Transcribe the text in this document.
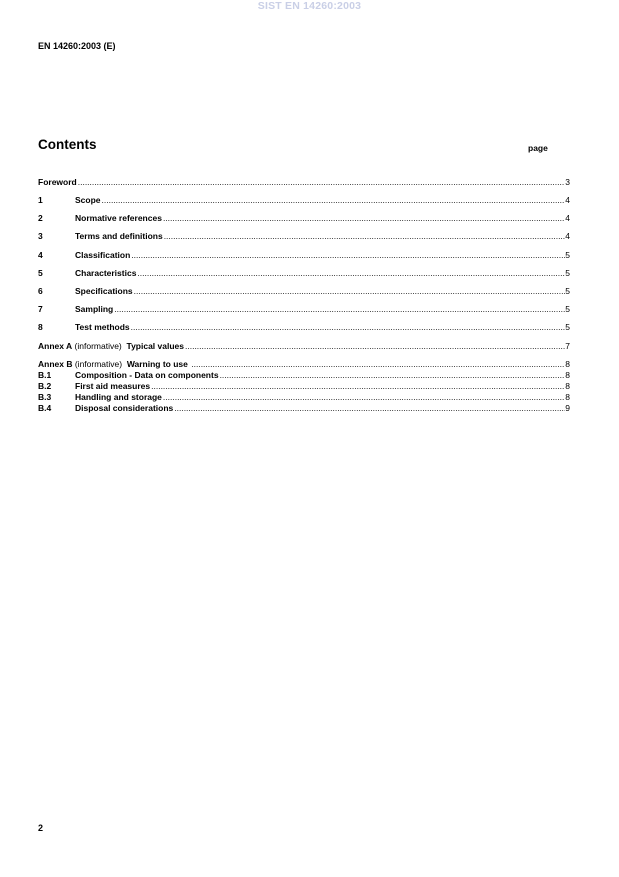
SIST EN 14260:2003
EN 14260:2003 (E)
Contents	page
Foreword .....	3
1	Scope .....	4
2	Normative references .....	4
3	Terms and definitions .....	4
4	Classification .....	5
5	Characteristics .....	5
6	Specifications .....	5
7	Sampling .....	5
8	Test methods .....	5
Annex A (informative)  Typical values .....	7
Annex B (informative)  Warning to use .....	8
B.1	Composition - Data on components .....	8
B.2	First aid measures .....	8
B.3	Handling and storage .....	8
B.4	Disposal considerations .....	9
2
